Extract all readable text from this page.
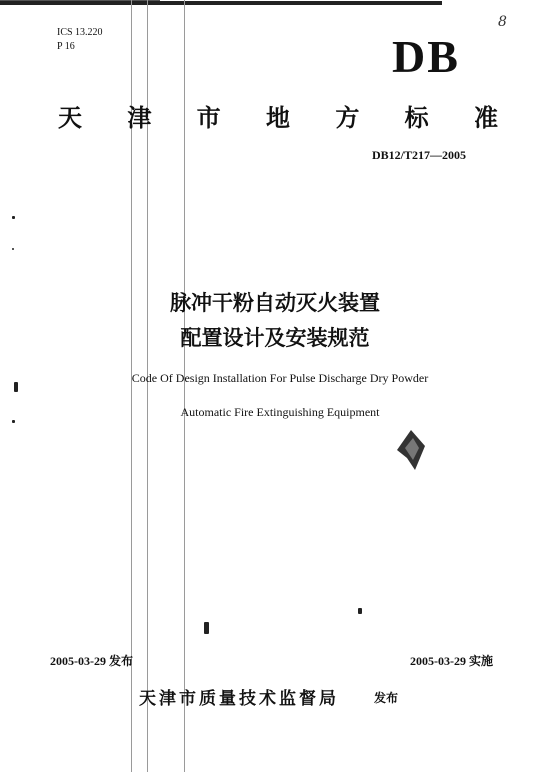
8
ICS 13.220
P 16	DB
天 津 市 地 方 标 准
DB12/T217—2005
脉冲干粉自动灭火装置
配置设计及安装规范
Code Of Design Installation For Pulse Discharge Dry Powder
Automatic Fire Extinguishing Equipment
2005-03-29 发布	2005-03-29 实施
天津市质量技术监督局	发布
